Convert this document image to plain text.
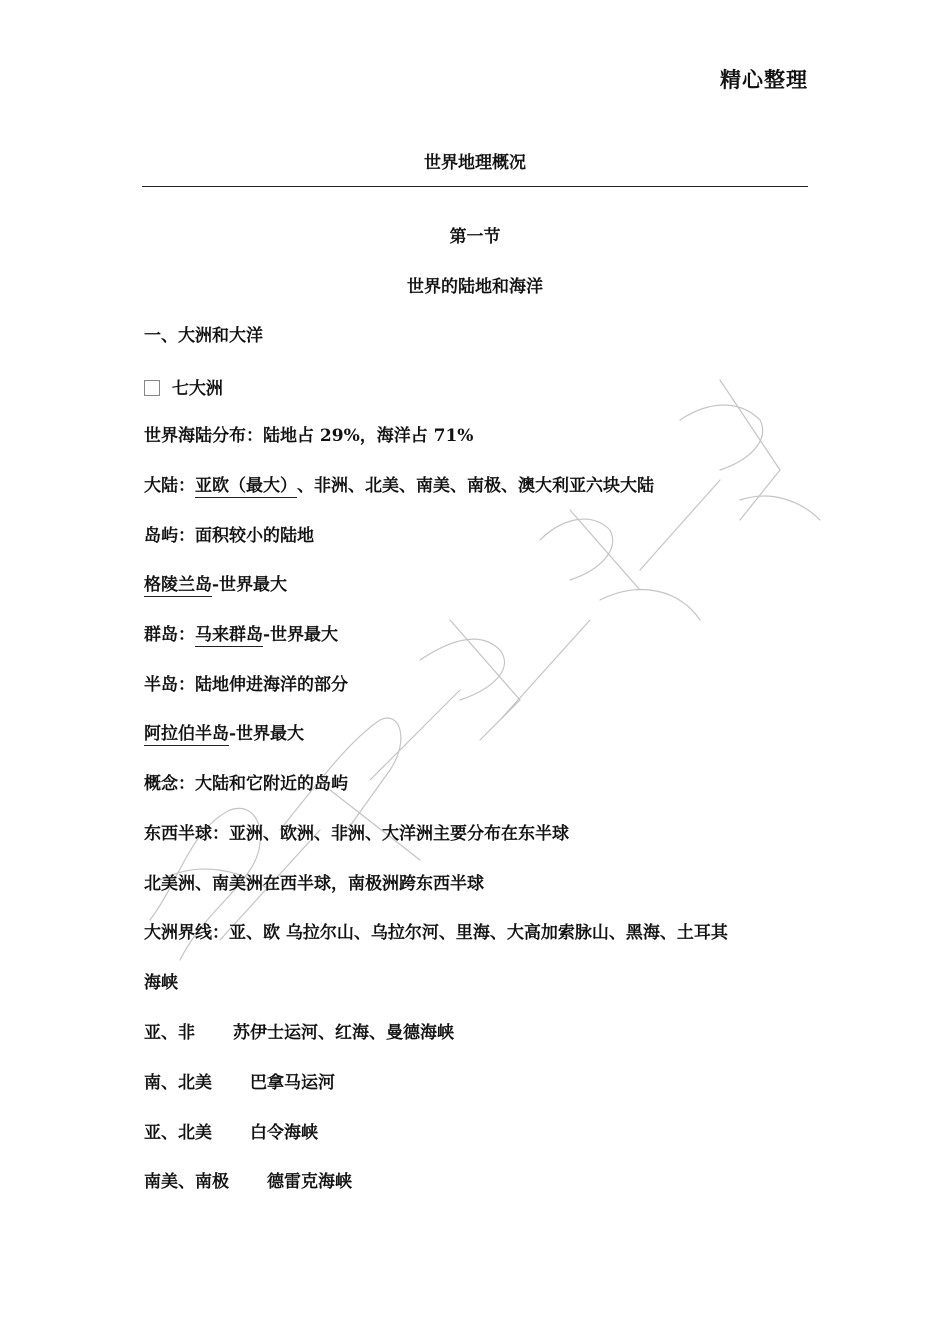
精心整理
世界地理概况
第一节
世界的陆地和海洋
一、大洲和大洋
七大洲
世界海陆分布：陆地占 29%，海洋占 71%
大陆：亚欧（最大）、非洲、北美、南美、南极、澳大利亚六块大陆
岛屿：面积较小的陆地
格陵兰岛-世界最大
群岛：马来群岛-世界最大
半岛：陆地伸进海洋的部分
阿拉伯半岛-世界最大
概念：大陆和它附近的岛屿
东西半球：亚洲、欧洲、非洲、大洋洲主要分布在东半球
北美洲、南美洲在西半球，南极洲跨东西半球
大洲界线：亚、欧 乌拉尔山、乌拉尔河、里海、大高加索脉山、黑海、土耳其
海峡
亚、非 苏伊士运河、红海、曼德海峡
南、北美 巴拿马运河
亚、北美 白令海峡
南美、南极 德雷克海峡
